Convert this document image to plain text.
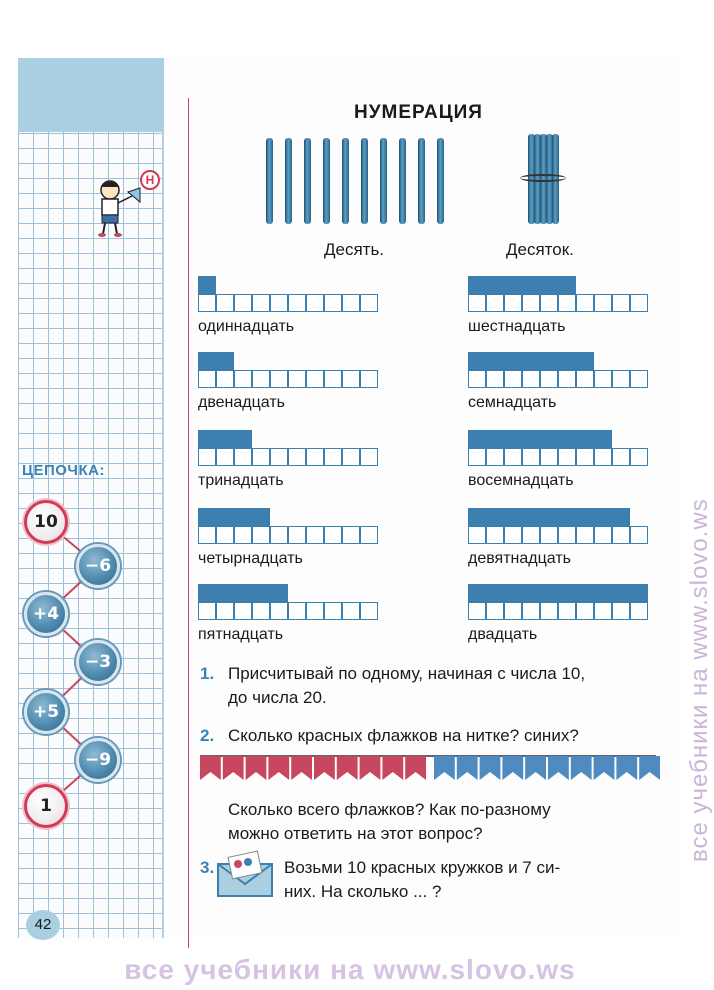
Н
ЦЕПОЧКА:
10
−6
+4
−3
+5
−9
1
42
НУМЕРАЦИЯ
Десять.	Десяток.
одиннадцать
двенадцать
тринадцать
четырнадцать
пятнадцать
шестнадцать
семнадцать
восемнадцать
девятнадцать
двадцать
1. Присчитывай по одному, начиная с числа 10,
до числа 20.
2. Сколько красных флажков на нитке? синих?
Сколько всего флажков? Как по-разному
можно ответить на этот вопрос?
3.	Возьми 10 красных кружков и 7 си-
них. На сколько ... ?
все учебники на www.slovo.ws
все учебники на www.slovo.ws
